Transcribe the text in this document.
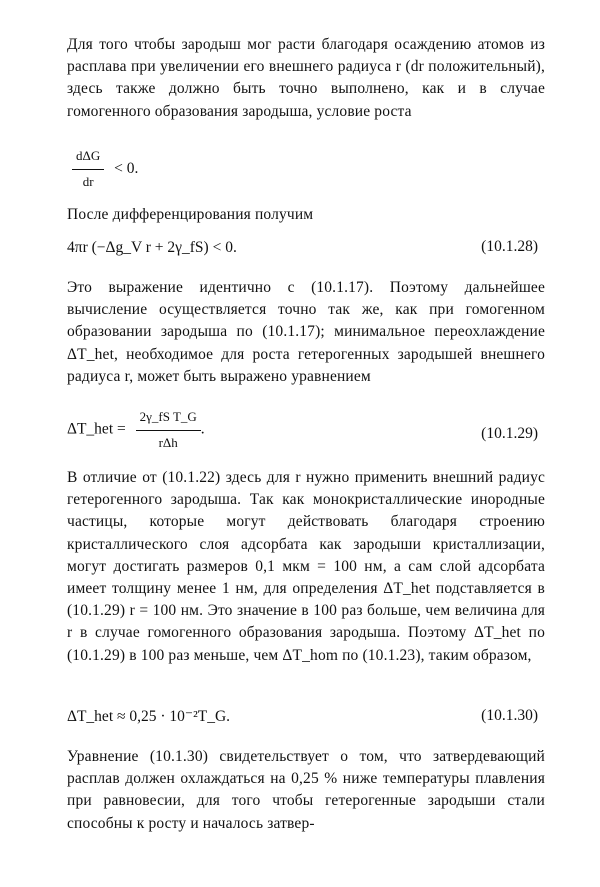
Для того чтобы зародыш мог расти благодаря осаждению атомов из расплава при увеличении его внешнего радиуса r (dr положительный), здесь также должно быть точно выполнено, как и в случае гомогенного образования зародыша, условие роста
$\frac{\text{dΔG}}{dr} < 0$.
После дифференцирования получим
4πr (−Δg_V r + 2γ_fS) < 0.	(10.1.28)
Это выражение идентично с (10.1.17). Поэтому дальнейшее вычисление осуществляется точно так же, как при гомогенном образовании зародыша по (10.1.17); минимальное переохлаждение ΔT_het, необходимое для роста гетерогенных зародышей внешнего радиуса r, может быть выражено уравнением
ΔT_het = $\frac{\text{2γ\_fS T\_G}}{\text{rΔh}}$ .	(10.1.29)
В отличие от (10.1.22) здесь для r нужно применить внешний радиус гетерогенного зародыша. Так как монокристаллические инородные частицы, которые могут действовать благодаря строению кристаллического слоя адсорбата как зародыши кристаллизации, могут достигать размеров 0,1 мкм = 100 нм, а сам слой адсорбата имеет толщину менее 1 нм, для определения ΔT_het подставляется в (10.1.29) r = 100 нм. Это значение в 100 раз больше, чем величина для r в случае гомогенного образования зародыша. Поэтому ΔT_het по (10.1.29) в 100 раз меньше, чем ΔT_hom по (10.1.23), таким образом,
ΔT_het ≈ 0,25 · 10⁻²T_G.	(10.1.30)
Уравнение (10.1.30) свидетельствует о том, что затвердевающий расплав должен охлаждаться на 0,25 % ниже температуры плавления при равновесии, для того чтобы гетерогенные зародыши стали способны к росту и началось затвер-
